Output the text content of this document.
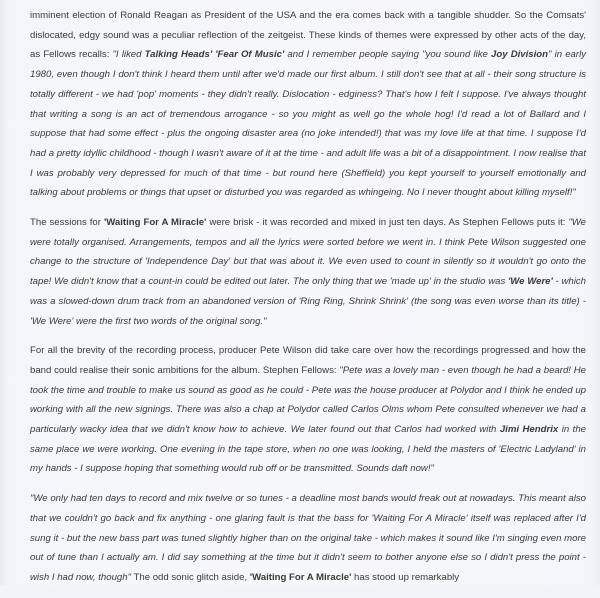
imminent election of Ronald Reagan as President of the USA and the era comes back with a tangible shudder. So the Comsats' dislocated, edgy sound was a peculiar reflection of the zeitgeist. These kinds of themes were expressed by other acts of the day, as Fellows recalls: "I liked Talking Heads' 'Fear Of Music' and I remember people saying "you sound like Joy Division" in early 1980, even though I don't think I heard them until after we'd made our first album. I still don't see that at all - their song structure is totally different - we had 'pop' moments - they didn't really. Dislocation - edginess? That's how I felt I suppose. I've always thought that writing a song is an act of tremendous arrogance - so you might as well go the whole hog! I'd read a lot of Ballard and I suppose that had some effect - plus the ongoing disaster area (no joke intended!) that was my love life at that time. I suppose I'd had a pretty idyllic childhood - though I wasn't aware of it at the time - and adult life was a bit of a disappointment. I now realise that I was probably very depressed for much of that time - but round here (Sheffield) you kept yourself to yourself emotionally and talking about problems or things that upset or disturbed you was regarded as whingeing. No I never thought about killing myself!"

The sessions for 'Waiting For A Miracle' were brisk - it was recorded and mixed in just ten days. As Stephen Fellows puts it: "We were totally organised. Arrangements, tempos and all the lyrics were sorted before we went in. I think Pete Wilson suggested one change to the structure of 'Independence Day' but that was about it. We even used to count in silently so it wouldn't go onto the tape! We didn't know that a count-in could be edited out later. The only thing that we 'made up' in the studio was 'We Were' - which was a slowed-down drum track from an abandoned version of 'Ring Ring, Shrink Shrink' (the song was even worse than its title) - 'We Were' were the first two words of the original song."

For all the brevity of the recording process, producer Pete Wilson did take care over how the recordings progressed and how the band could realise their sonic ambitions for the album. Stephen Fellows: "Pete was a lovely man - even though he had a beard! He took the time and trouble to make us sound as good as he could - Pete was the house producer at Polydor and I think he ended up working with all the new signings. There was also a chap at Polydor called Carlos Olms whom Pete consulted whenever we had a particularly wacky idea that we didn't know how to achieve. We later found out that Carlos had worked with Jimi Hendrix in the same place we were working. One evening in the tape store, when no one was looking, I held the masters of 'Electric Ladyland' in my hands - I suppose hoping that something would rub off or be transmitted. Sounds daft now!"

"We only had ten days to record and mix twelve or so tunes - a deadline most bands would freak out at nowadays. This meant also that we couldn't go back and fix anything - one glaring fault is that the bass for 'Waiting For A Miracle' itself was replaced after I'd sung it - but the new bass part was tuned slightly higher than on the original take - which makes it sound like I'm singing even more out of tune than I actually am. I did say something at the time but it didn't seem to bother anyone else so I didn't press the point - wish I had now, though" The odd sonic glitch aside, 'Waiting For A Miracle' has stood up remarkably
